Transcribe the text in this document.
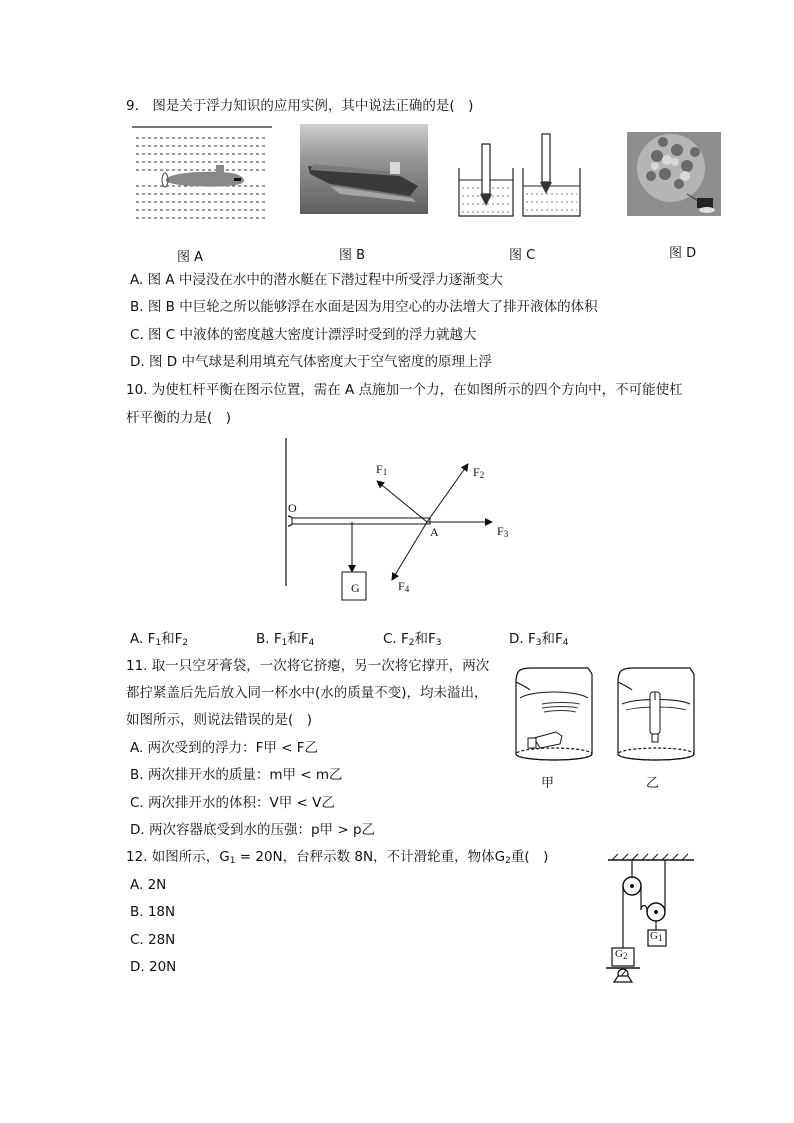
9.　图是关于浮力知识的应用实例，其中说法正确的是(　)
图 A	图 B	图 C	图 D
A. 图 A 中浸没在水中的潜水艇在下潜过程中所受浮力逐渐变大
B. 图 B 中巨轮之所以能够浮在水面是因为用空心的办法增大了排开液体的体积
C. 图 C 中液体的密度越大密度计漂浮时受到的浮力就越大
D. 图 D 中气球是利用填充气体密度大于空气密度的原理上浮
10. 为使杠杆平衡在图示位置，需在 A 点施加一个力，在如图所示的四个方向中，不可能使杠
杆平衡的力是(　)
O
A
G
$F_1$	$F_2$
$F_3$
$F_4$
A. $F_1$和$F_2$	B. $F_1$和$F_4$	C. $F_2$和$F_3$	D. $F_3$和$F_4$
11. 取一只空牙膏袋，一次将它挤瘪，另一次将它撑开，两次
都拧紧盖后先后放入同一杯水中(水的质量不变)，均未溢出，
如图所示，则说法错误的是(　)
A. 两次受到的浮力：F甲 < F乙
B. 两次排开水的质量：m甲 < m乙
C. 两次排开水的体积：V甲 < V乙
D. 两次容器底受到水的压强：p甲 > p乙
甲	乙
12. 如图所示，$G_1 = 20N$，台秤示数 8N，不计滑轮重，物体$G_2$重(　)
A. 2N
B. 18N
C. 28N
D. 20N
$G_1$
$G_2$
